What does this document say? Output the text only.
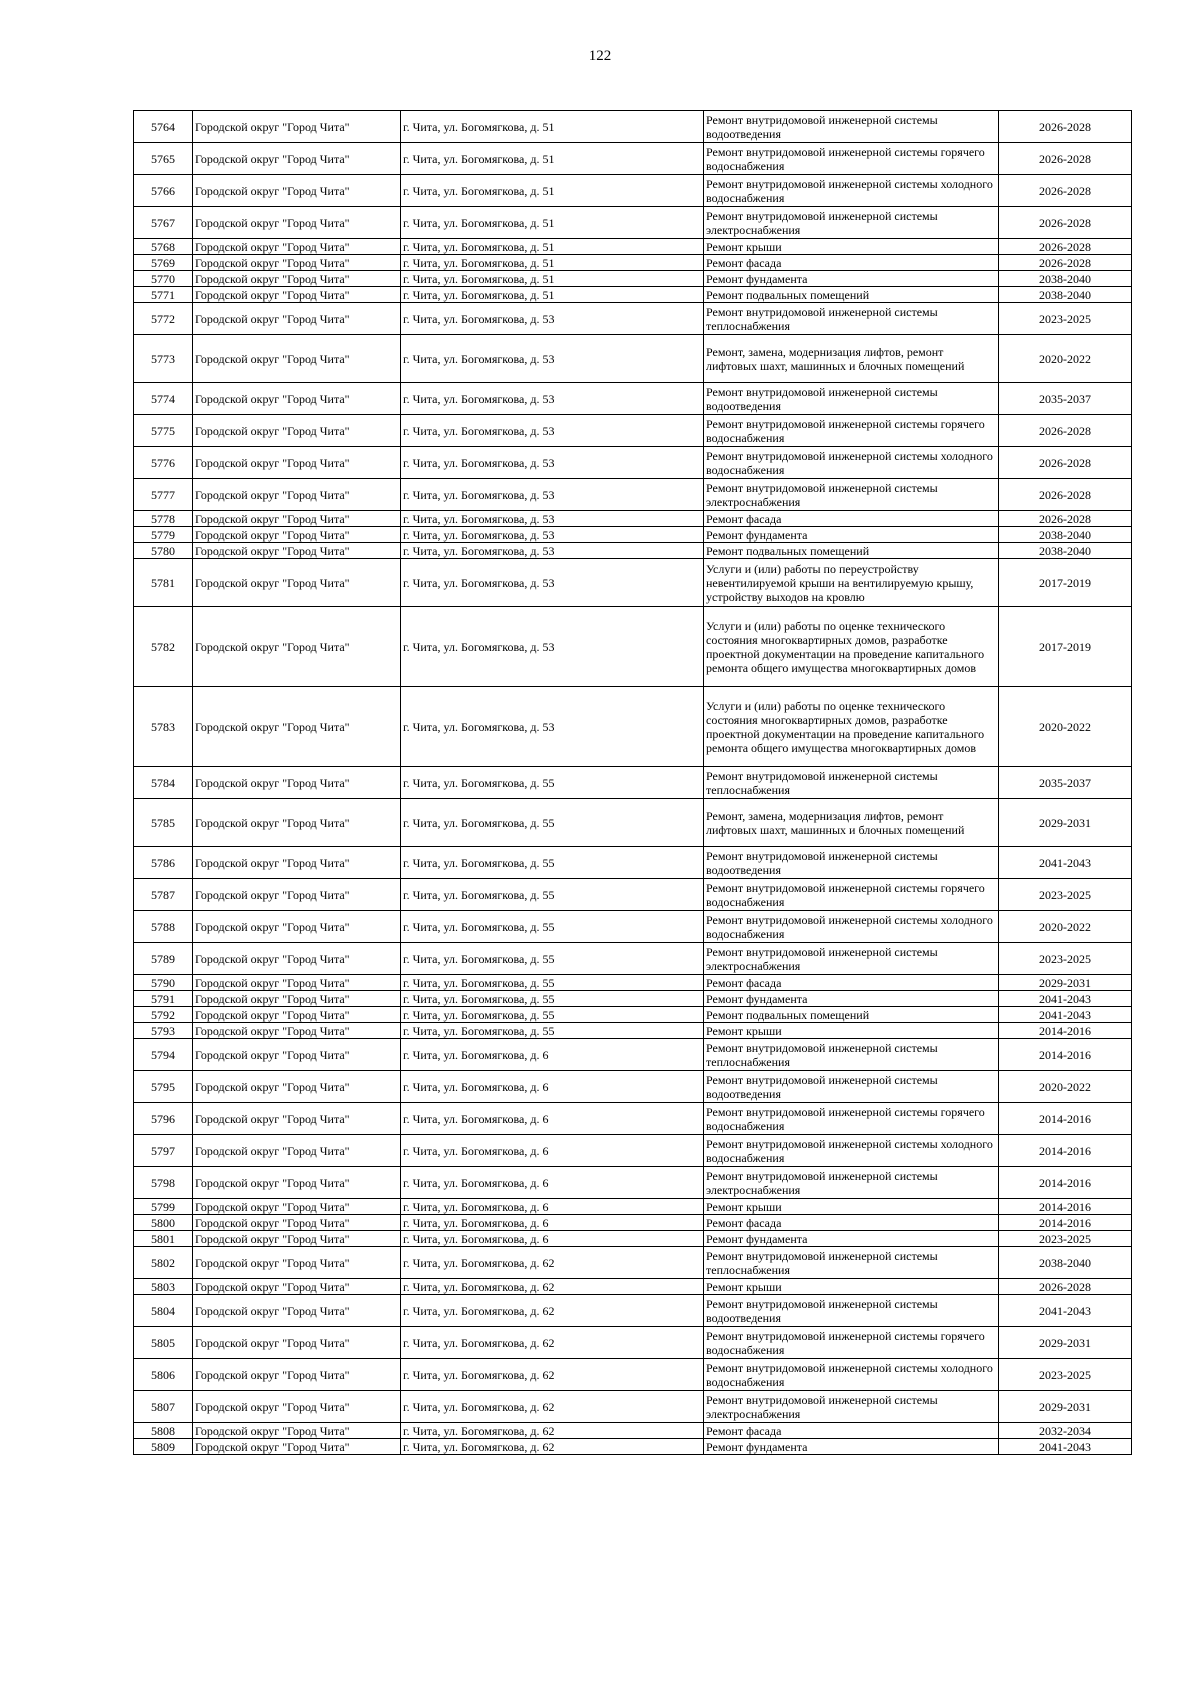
122
5764	Городской округ "Город Чита"	г. Чита, ул. Богомягкова, д. 51	Ремонт внутридомовой инженерной системы водоотведения	2026-2028
5765	Городской округ "Город Чита"	г. Чита, ул. Богомягкова, д. 51	Ремонт внутридомовой инженерной системы горячего водоснабжения	2026-2028
5766	Городской округ "Город Чита"	г. Чита, ул. Богомягкова, д. 51	Ремонт внутридомовой инженерной системы холодного водоснабжения	2026-2028
5767	Городской округ "Город Чита"	г. Чита, ул. Богомягкова, д. 51	Ремонт внутридомовой инженерной системы электроснабжения	2026-2028
5768	Городской округ "Город Чита"	г. Чита, ул. Богомягкова, д. 51	Ремонт крыши	2026-2028
5769	Городской округ "Город Чита"	г. Чита, ул. Богомягкова, д. 51	Ремонт фасада	2026-2028
5770	Городской округ "Город Чита"	г. Чита, ул. Богомягкова, д. 51	Ремонт фундамента	2038-2040
5771	Городской округ "Город Чита"	г. Чита, ул. Богомягкова, д. 51	Ремонт подвальных помещений	2038-2040
5772	Городской округ "Город Чита"	г. Чита, ул. Богомягкова, д. 53	Ремонт внутридомовой инженерной системы теплоснабжения	2023-2025
5773	Городской округ "Город Чита"	г. Чита, ул. Богомягкова, д. 53	Ремонт, замена, модернизация лифтов, ремонт лифтовых шахт, машинных и блочных помещений	2020-2022
5774	Городской округ "Город Чита"	г. Чита, ул. Богомягкова, д. 53	Ремонт внутридомовой инженерной системы водоотведения	2035-2037
5775	Городской округ "Город Чита"	г. Чита, ул. Богомягкова, д. 53	Ремонт внутридомовой инженерной системы горячего водоснабжения	2026-2028
5776	Городской округ "Город Чита"	г. Чита, ул. Богомягкова, д. 53	Ремонт внутридомовой инженерной системы холодного водоснабжения	2026-2028
5777	Городской округ "Город Чита"	г. Чита, ул. Богомягкова, д. 53	Ремонт внутридомовой инженерной системы электроснабжения	2026-2028
5778	Городской округ "Город Чита"	г. Чита, ул. Богомягкова, д. 53	Ремонт фасада	2026-2028
5779	Городской округ "Город Чита"	г. Чита, ул. Богомягкова, д. 53	Ремонт фундамента	2038-2040
5780	Городской округ "Город Чита"	г. Чита, ул. Богомягкова, д. 53	Ремонт подвальных помещений	2038-2040
5781	Городской округ "Город Чита"	г. Чита, ул. Богомягкова, д. 53	Услуги и (или) работы по переустройству невентилируемой крыши на вентилируемую крышу, устройству выходов на кровлю	2017-2019
5782	Городской округ "Город Чита"	г. Чита, ул. Богомягкова, д. 53	Услуги и (или) работы по оценке технического состояния многоквартирных домов, разработке проектной документации на проведение капитального ремонта общего имущества многоквартирных домов	2017-2019
5783	Городской округ "Город Чита"	г. Чита, ул. Богомягкова, д. 53	Услуги и (или) работы по оценке технического состояния многоквартирных домов, разработке проектной документации на проведение капитального ремонта общего имущества многоквартирных домов	2020-2022
5784	Городской округ "Город Чита"	г. Чита, ул. Богомягкова, д. 55	Ремонт внутридомовой инженерной системы теплоснабжения	2035-2037
5785	Городской округ "Город Чита"	г. Чита, ул. Богомягкова, д. 55	Ремонт, замена, модернизация лифтов, ремонт лифтовых шахт, машинных и блочных помещений	2029-2031
5786	Городской округ "Город Чита"	г. Чита, ул. Богомягкова, д. 55	Ремонт внутридомовой инженерной системы водоотведения	2041-2043
5787	Городской округ "Город Чита"	г. Чита, ул. Богомягкова, д. 55	Ремонт внутридомовой инженерной системы горячего водоснабжения	2023-2025
5788	Городской округ "Город Чита"	г. Чита, ул. Богомягкова, д. 55	Ремонт внутридомовой инженерной системы холодного водоснабжения	2020-2022
5789	Городской округ "Город Чита"	г. Чита, ул. Богомягкова, д. 55	Ремонт внутридомовой инженерной системы электроснабжения	2023-2025
5790	Городской округ "Город Чита"	г. Чита, ул. Богомягкова, д. 55	Ремонт фасада	2029-2031
5791	Городской округ "Город Чита"	г. Чита, ул. Богомягкова, д. 55	Ремонт фундамента	2041-2043
5792	Городской округ "Город Чита"	г. Чита, ул. Богомягкова, д. 55	Ремонт подвальных помещений	2041-2043
5793	Городской округ "Город Чита"	г. Чита, ул. Богомягкова, д. 55	Ремонт крыши	2014-2016
5794	Городской округ "Город Чита"	г. Чита, ул. Богомягкова, д. 6	Ремонт внутридомовой инженерной системы теплоснабжения	2014-2016
5795	Городской округ "Город Чита"	г. Чита, ул. Богомягкова, д. 6	Ремонт внутридомовой инженерной системы водоотведения	2020-2022
5796	Городской округ "Город Чита"	г. Чита, ул. Богомягкова, д. 6	Ремонт внутридомовой инженерной системы горячего водоснабжения	2014-2016
5797	Городской округ "Город Чита"	г. Чита, ул. Богомягкова, д. 6	Ремонт внутридомовой инженерной системы холодного водоснабжения	2014-2016
5798	Городской округ "Город Чита"	г. Чита, ул. Богомягкова, д. 6	Ремонт внутридомовой инженерной системы электроснабжения	2014-2016
5799	Городской округ "Город Чита"	г. Чита, ул. Богомягкова, д. 6	Ремонт крыши	2014-2016
5800	Городской округ "Город Чита"	г. Чита, ул. Богомягкова, д. 6	Ремонт фасада	2014-2016
5801	Городской округ "Город Чита"	г. Чита, ул. Богомягкова, д. 6	Ремонт фундамента	2023-2025
5802	Городской округ "Город Чита"	г. Чита, ул. Богомягкова, д. 62	Ремонт внутридомовой инженерной системы теплоснабжения	2038-2040
5803	Городской округ "Город Чита"	г. Чита, ул. Богомягкова, д. 62	Ремонт крыши	2026-2028
5804	Городской округ "Город Чита"	г. Чита, ул. Богомягкова, д. 62	Ремонт внутридомовой инженерной системы водоотведения	2041-2043
5805	Городской округ "Город Чита"	г. Чита, ул. Богомягкова, д. 62	Ремонт внутридомовой инженерной системы горячего водоснабжения	2029-2031
5806	Городской округ "Город Чита"	г. Чита, ул. Богомягкова, д. 62	Ремонт внутридомовой инженерной системы холодного водоснабжения	2023-2025
5807	Городской округ "Город Чита"	г. Чита, ул. Богомягкова, д. 62	Ремонт внутридомовой инженерной системы электроснабжения	2029-2031
5808	Городской округ "Город Чита"	г. Чита, ул. Богомягкова, д. 62	Ремонт фасада	2032-2034
5809	Городской округ "Город Чита"	г. Чита, ул. Богомягкова, д. 62	Ремонт фундамента	2041-2043
